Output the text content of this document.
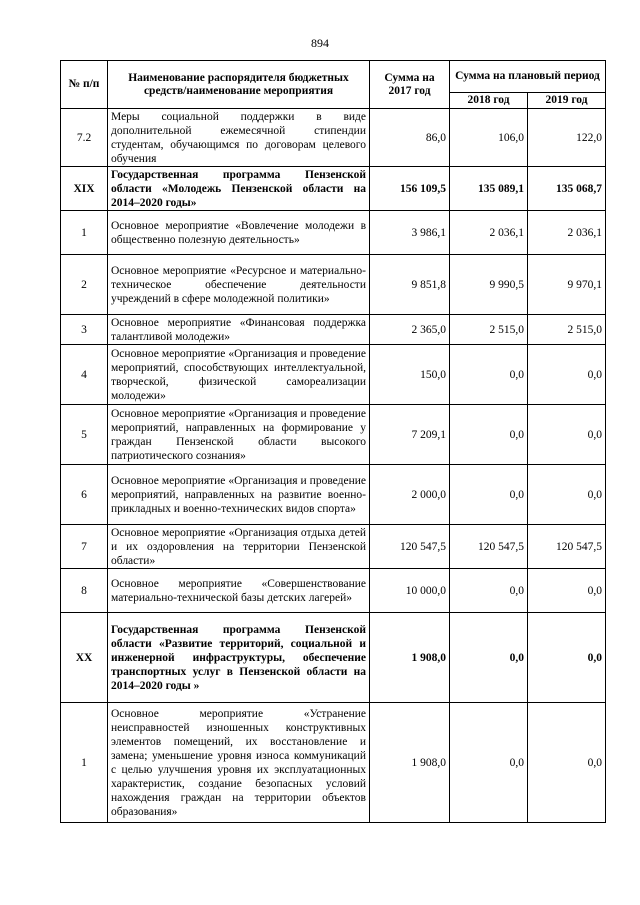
894
№ п/п	Наименование распорядителя бюджетных средств/наименование мероприятия	Сумма на 2017 год	Сумма на плановый период	
			2018 год	2019 год
7.2	Меры социальной поддержки в виде дополнительной ежемесячной стипендии студентам, обучающимся по договорам целевого обучения	86,0	106,0	122,0
XIX	Государственная программа Пензенской области «Молодежь Пензенской области на 2014–2020 годы»	156 109,5	135 089,1	135 068,7
1	Основное мероприятие «Вовлечение молодежи в общественно полезную деятельность»	3 986,1	2 036,1	2 036,1
2	Основное мероприятие «Ресурсное и материально-техническое обеспечение деятельности учреждений в сфере молодежной политики»	9 851,8	9 990,5	9 970,1
3	Основное мероприятие «Финансовая поддержка талантливой молодежи»	2 365,0	2 515,0	2 515,0
4	Основное мероприятие «Организация и проведение мероприятий, способствующих интеллектуальной, творческой, физической самореализации молодежи»	150,0	0,0	0,0
5	Основное мероприятие «Организация и проведение мероприятий, направленных на формирование у граждан Пензенской области высокого патриотического сознания»	7 209,1	0,0	0,0
6	Основное мероприятие «Организация и проведение мероприятий, направленных на развитие военно-прикладных и военно-технических видов спорта»	2 000,0	0,0	0,0
7	Основное мероприятие «Организация отдыха детей и их оздоровления на территории Пензенской области»	120 547,5	120 547,5	120 547,5
8	Основное мероприятие «Совершенствование материально-технической базы детских лагерей»	10 000,0	0,0	0,0
XX	Государственная программа Пензенской области «Развитие территорий, социальной и инженерной инфраструктуры, обеспечение транспортных услуг в Пензенской области на 2014–2020 годы »	1 908,0	0,0	0,0
1	Основное мероприятие «Устранение неисправностей изношенных конструктивных элементов помещений, их восстановление и замена; уменьшение уровня износа коммуникаций с целью улучшения уровня их эксплуатационных характеристик, создание безопасных условий нахождения граждан на территории объектов образования»	1 908,0	0,0	0,0
